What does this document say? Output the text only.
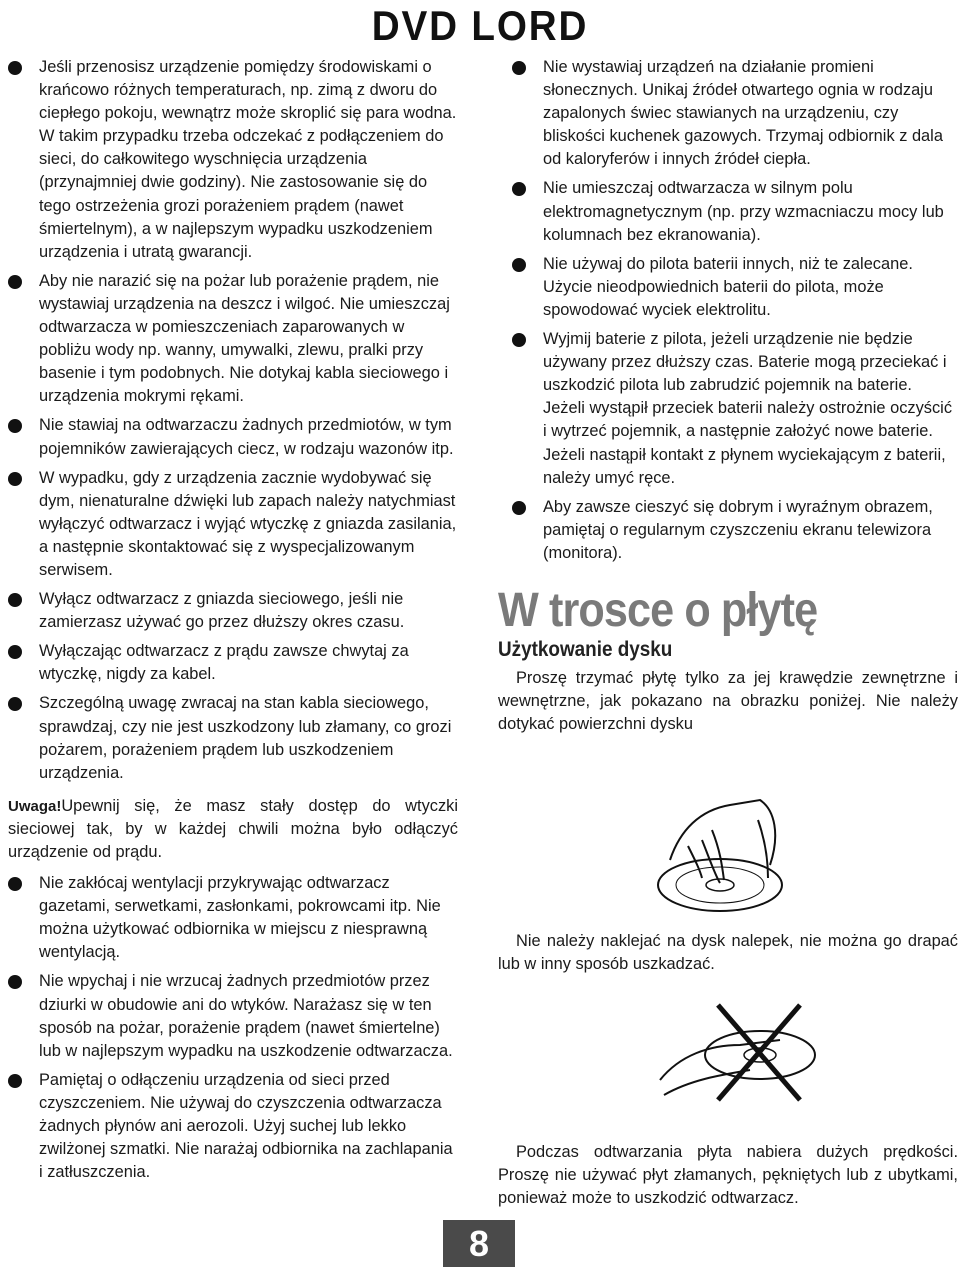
DVD LORD
Jeśli przenosisz urządzenie pomiędzy środowiskami o krańcowo różnych temperaturach, np. zimą z dworu do ciepłego pokoju, wewnątrz może skroplić się para wodna. W takim przypadku trzeba odczekać z podłączeniem do sieci, do całkowitego wyschnięcia urządzenia (przynajmniej dwie godziny). Nie zastosowanie się do tego ostrzeżenia grozi porażeniem prądem (nawet śmiertelnym), a w najlepszym wypadku uszkodzeniem urządzenia i utratą gwarancji.
Aby nie narazić się na pożar lub porażenie prądem, nie wystawiaj urządzenia na deszcz i wilgoć. Nie umieszczaj odtwarzacza w pomieszczeniach zaparowanych w pobliżu wody np. wanny, umywalki, zlewu, pralki przy basenie i tym podobnych. Nie dotykaj kabla sieciowego i urządzenia mokrymi rękami.
Nie stawiaj na odtwarzaczu żadnych przedmiotów, w tym pojemników zawierających ciecz, w rodzaju wazonów itp.
W wypadku, gdy z urządzenia zacznie wydobywać się dym, nienaturalne dźwięki lub zapach należy natychmiast wyłączyć odtwarzacz i wyjąć wtyczkę z gniazda zasilania, a następnie skontaktować się z wyspecjalizowanym serwisem.
Wyłącz odtwarzacz z gniazda sieciowego, jeśli nie zamierzasz używać go przez dłuższy okres czasu.
Wyłączając odtwarzacz z prądu zawsze chwytaj za wtyczkę, nigdy za kabel.
Szczególną uwagę zwracaj na stan kabla sieciowego, sprawdzaj, czy nie jest uszkodzony lub złamany, co grozi pożarem, porażeniem prądem lub uszkodzeniem urządzenia.
Uwaga!Upewnij się, że masz stały dostęp do wtyczki sieciowej tak, by w każdej chwili można było odłączyć urządzenie od prądu.
Nie zakłócaj wentylacji przykrywając odtwarzacz gazetami, serwetkami, zasłonkami, pokrowcami itp. Nie można użytkować odbiornika w miejscu z niesprawną wentylacją.
Nie wpychaj i nie wrzucaj żadnych przedmiotów przez dziurki w obudowie ani do wtyków. Narażasz się w ten sposób na pożar, porażenie prądem (nawet śmiertelne) lub w najlepszym wypadku na uszkodzenie odtwarzacza.
Pamiętaj o odłączeniu urządzenia od sieci przed czyszczeniem. Nie używaj do czyszczenia odtwarzacza żadnych płynów ani aerozoli. Użyj suchej lub lekko zwilżonej szmatki. Nie narażaj odbiornika na zachlapania i zatłuszczenia.
Nie wystawiaj urządzeń na działanie promieni słonecznych. Unikaj źródeł otwartego ognia w rodzaju zapalonych świec stawianych na urządzeniu, czy bliskości kuchenek gazowych. Trzymaj odbiornik z dala od kaloryferów i innych źródeł ciepła.
Nie umieszczaj odtwarzacza w silnym polu elektromagnetycznym (np. przy wzmacniaczu mocy lub kolumnach bez ekranowania).
Nie używaj do pilota baterii innych, niż te zalecane. Użycie nieodpowiednich baterii do pilota, może spowodować wyciek elektrolitu.
Wyjmij baterie z pilota, jeżeli urządzenie nie będzie używany przez dłuższy czas. Baterie mogą przeciekać i uszkodzić pilota lub zabrudzić pojemnik na baterie. Jeżeli wystąpił przeciek baterii należy ostrożnie oczyścić i wytrzeć pojemnik, a następnie założyć nowe baterie. Jeżeli nastąpił kontakt z płynem wyciekającym z baterii, należy umyć ręce.
Aby zawsze cieszyć się dobrym i wyraźnym obrazem, pamiętaj o regularnym czyszczeniu ekranu telewizora (monitora).
W trosce o płytę
Użytkowanie dysku
Proszę trzymać płytę tylko za jej krawędzie zewnętrzne i wewnętrzne, jak pokazano na obrazku poniżej. Nie należy dotykać powierzchni dysku
Nie należy naklejać na dysk nalepek, nie można go drapać lub w inny sposób uszkadzać.
Podczas odtwarzania płyta nabiera dużych prędkości. Proszę nie używać płyt złamanych, pękniętych lub z ubytkami, ponieważ może to uszkodzić odtwarzacz.
8
